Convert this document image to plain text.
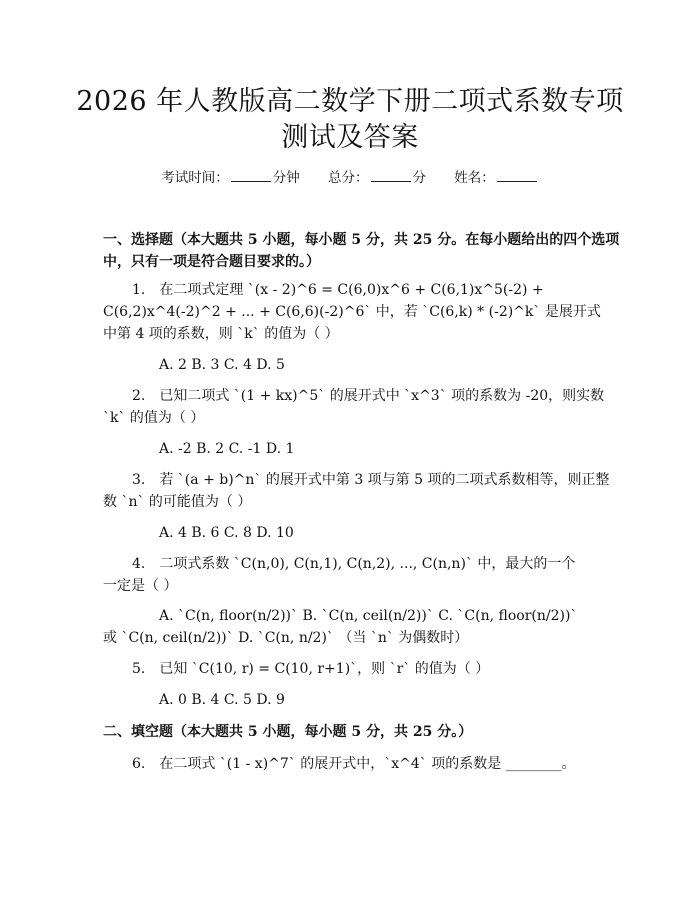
2026 年人教版高二数学下册二项式系数专项
测试及答案
考试时间：	分钟 总分：	分 姓名：
一、选择题（本大题共 5 小题，每小题 5 分，共 25 分。在每小题给出的四个选项
中，只有一项是符合题目要求的。）
1.　在二项式定理 `(x - 2)^6 = C(6,0)x^6 + C(6,1)x^5(-2) +
C(6,2)x^4(-2)^2 + ... + C(6,6)(-2)^6` 中，若 `C(6,k) * (-2)^k` 是展开式
中第 4 项的系数，则 `k` 的值为（ ）
A. 2 B. 3 C. 4 D. 5
2.　已知二项式 `(1 + kx)^5` 的展开式中 `x^3` 项的系数为 -20，则实数
`k` 的值为（ ）
A. -2 B. 2 C. -1 D. 1
3.　若 `(a + b)^n` 的展开式中第 3 项与第 5 项的二项式系数相等，则正整
数 `n` 的可能值为（ ）
A. 4 B. 6 C. 8 D. 10
4.　二项式系数 `C(n,0), C(n,1), C(n,2), ..., C(n,n)` 中，最大的一个
一定是（ ）
A. `C(n, floor(n/2))` B. `C(n, ceil(n/2))` C. `C(n, floor(n/2))`
或 `C(n, ceil(n/2))` D. `C(n, n/2)` （当 `n` 为偶数时）
5.　已知 `C(10, r) = C(10, r+1)`，则 `r` 的值为（ ）
A. 0 B. 4 C. 5 D. 9
二、填空题（本大题共 5 小题，每小题 5 分，共 25 分。）
6.　在二项式 `(1 - x)^7` 的展开式中，`x^4` 项的系数是 ________。
